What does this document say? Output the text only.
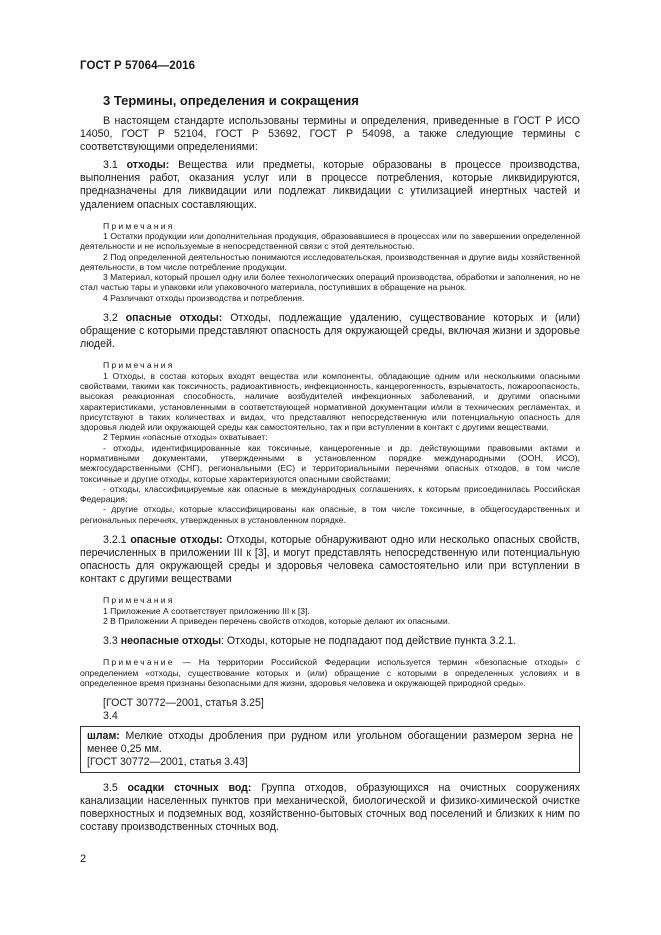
ГОСТ Р 57064—2016
3 Термины, определения и сокращения

В настоящем стандарте использованы термины и определения, приведенные в ГОСТ Р ИСО 14050, ГОСТ Р 52104, ГОСТ Р 53692, ГОСТ Р 54098, а также следующие термины с соответствующими определениями:

3.1 отходы: Вещества или предметы, которые образованы в процессе производства, выполнения работ, оказания услуг или в процессе потребления, которые ликвидируются, предназначены для ликвидации или подлежат ликвидации с утилизацией инертных частей и удалением опасных составляющих.

Примечания

1 Остатки продукции или дополнительная продукция, образовавшиеся в процессах или по завершении определенной деятельности и не используемые в непосредственной связи с этой деятельностью.

2 Под определенной деятельностью понимаются исследовательская, производственная и другие виды хозяйственной деятельности, в том числе потребление продукции.

3 Материал, который прошел одну или более технологических операций производства, обработки и заполнения, но не стал частью тары и упаковки или упаковочного материала, поступивших в обращение на рынок.

4 Различают отходы производства и потребления.

3.2 опасные отходы: Отходы, подлежащие удалению, существование которых и (или) обращение с которыми представляют опасность для окружающей среды, включая жизни и здоровье людей.

Примечания

1 Отходы, в состав которых входят вещества или компоненты, обладающие одним или несколькими опасными свойствами, такими как токсичность, радиоактивность, инфекционность, канцерогенность, взрывчатость, пожароопасность, высокая реакционная способность, наличие возбудителей инфекционных заболеваний, и другими опасными характеристиками, установленными в соответствующей нормативной документации и/или в технических регламентах, и присутствуют в таких количествах и видах, что представляют непосредственную или потенциальную опасность для здоровья людей или окружающей среды как самостоятельно, так и при вступлении в контакт с другими веществами.

2 Термин «опасные отходы» охватывает:

- отходы, идентифицированные как токсичные, канцерогенные и др. действующими правовыми актами и нормативными документами, утвержденными в установленном порядке международными (ООН, ИСО), межгосударственными (СНГ), региональными (ЕС) и территориальными перечнями опасных отходов, в том числе токсичные и другие отходы, которые характеризуются опасными свойствами;

- отходы, классифицируемые как опасные в международных соглашениях, к которым присоединилась Российская Федерация;

- другие отходы, которые классифицированы как опасные, в том числе токсичные, в общегосударственных и региональных перечнях, утвержденных в установленном порядке.

3.2.1 опасные отходы: Отходы, которые обнаруживают одно или несколько опасных свойств, перечисленных в приложении III к [3], и могут представлять непосредственную или потенциальную опасность для окружающей среды и здоровья человека самостоятельно или при вступлении в контакт с другими веществами

Примечания

1 Приложение А соответствует приложению III к [3].

2 В Приложении А приведен перечень свойств отходов, которые делают их опасными.

3.3 неопасные отходы: Отходы, которые не подпадают под действие пункта 3.2.1.

Примечание — На территории Российской Федерации используется термин «безопасные отходы» с определением «отходы, существование которых и (или) обращение с которыми в определенных условиях и в определенное время признаны безопасными для жизни, здоровья человека и окружающей природной среды».

[ГОСТ 30772—2001, статья 3.25]

3.4

шлам: Мелкие отходы дробления при рудном или угольном обогащении размером зерна не менее 0,25 мм.

[ГОСТ 30772—2001, статья 3.43]

3.5 осадки сточных вод: Группа отходов, образующихся на очистных сооружениях канализации населенных пунктов при механической, биологической и физико-химической очистке поверхностных и подземных вод, хозяйственно-бытовых сточных вод поселений и близких к ним по составу производственных сточных вод.

2
